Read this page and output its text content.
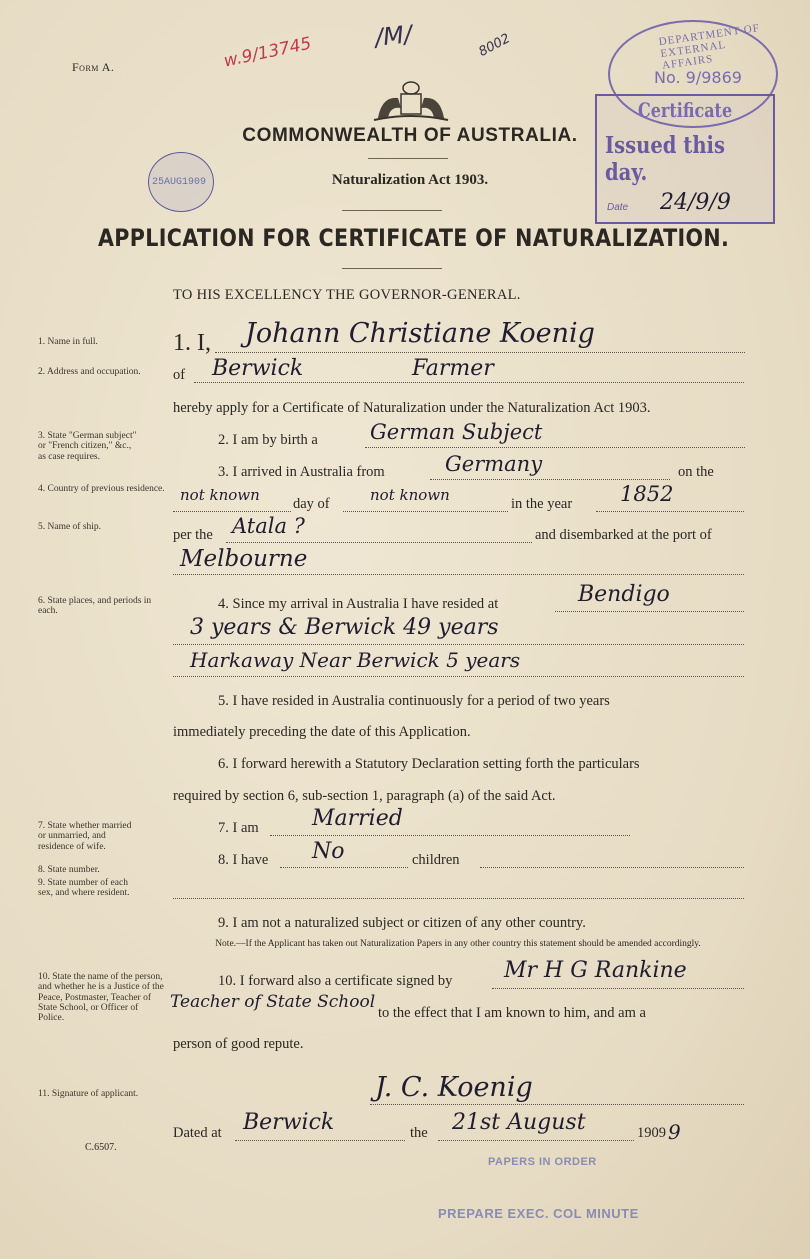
Form A.	w.9/13745	/M/	8002
COMMONWEALTH OF AUSTRALIA.
Naturalization Act 1903.
APPLICATION FOR CERTIFICATE OF NATURALIZATION.
TO HIS EXCELLENCY THE GOVERNOR-GENERAL.
25AUG1909
DEPARTMENT OF EXTERNAL AFFAIRS
No. 9/9869
Certificate
Issued this day.
Date 24/9/9
1. Name in full.
2. Address and occupation.
3. State "German subject" or "French citizen," &c., as case requires.
4. Country of previous residence.
5. Name of ship.
6. State places, and periods in each.
7. State whether married or unmarried, and residence of wife.
8. State number.
9. State number of each sex, and where resident.
10. State the name of the person, and whether he is a Justice of the Peace, Postmaster, Teacher of State School, or Officer of Police.
11. Signature of applicant.
C.6507.
1. I, Johann Christiane Koenig
of Berwick	Farmer
hereby apply for a Certificate of Naturalization under the Naturalization Act 1903.
2. I am by birth a German Subject
3. I arrived in Australia from	Germany	on the
not known day of	not known	in the year 1852
per the Atala ?	and disembarked at the port of
Melbourne
4. Since my arrival in Australia I have resided at	Bendigo
3 years & Berwick 49 years
Harkaway Near Berwick 5 years
5. I have resided in Australia continuously for a period of two years
immediately preceding the date of this Application.
6. I forward herewith a Statutory Declaration setting forth the particulars
required by section 6, sub-section 1, paragraph (a) of the said Act.
7. I am Married
8. I have No	children
9. I am not a naturalized subject or citizen of any other country.
Note.—If the Applicant has taken out Naturalization Papers in any other country this statement should be amended accordingly.
10. I forward also a certificate signed by Mr H G Rankine
Teacher of State School
to the effect that I am known to him, and am a
person of good repute.
J. C. Koenig
Dated at Berwick	the 21st August	1909 9
PAPERS IN ORDER
PREPARE EXEC. COL MINUTE
